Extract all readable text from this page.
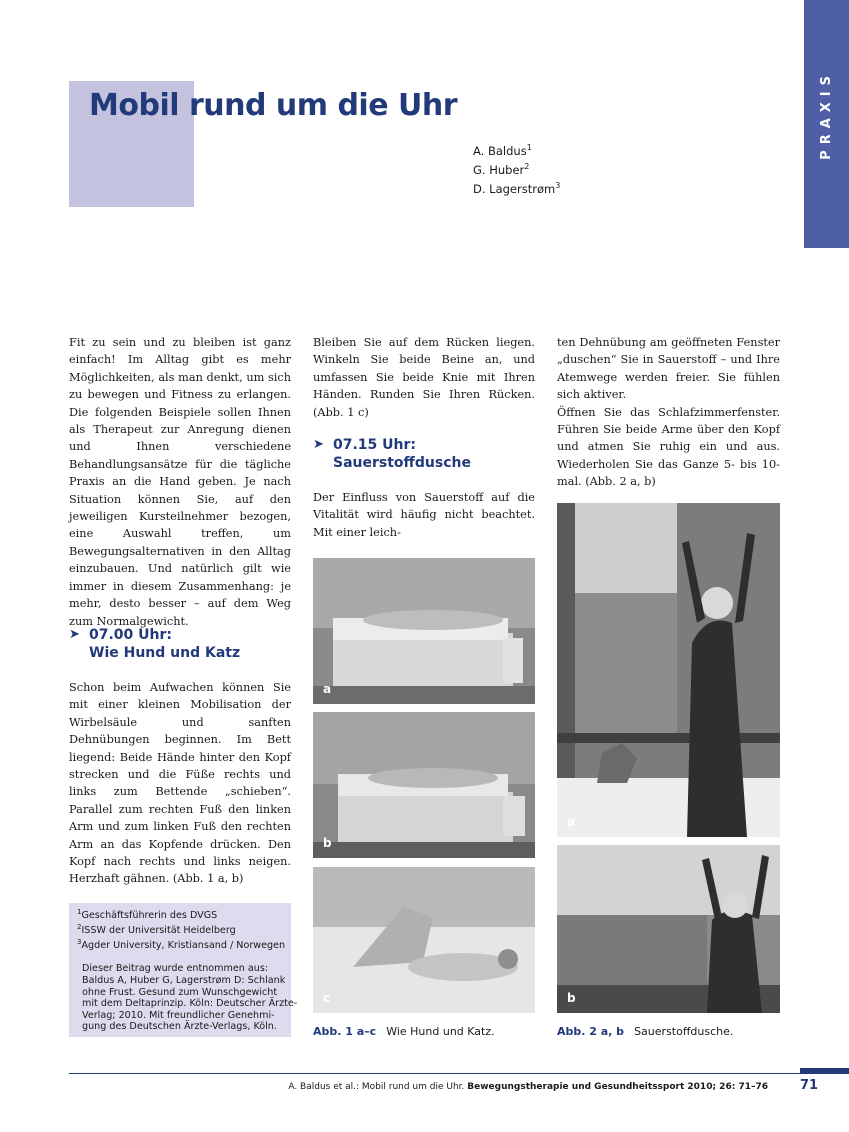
PRAXIS
Mobil rund um die Uhr
A. Baldus$^1$
G. Huber$^2$
D. Lagerstrøm$^3$

Fit zu sein und zu bleiben ist ganz einfach! Im Alltag gibt es mehr Möglichkeiten, als man denkt, um sich zu bewegen und Fitness zu erlangen. Die folgenden Beispiele sollen Ihnen als Therapeut zur Anregung dienen und Ihnen verschiedene Behandlungsansätze für die tägliche Praxis an die Hand geben. Je nach Situation können Sie, auf den jeweiligen Kursteilnehmer bezogen, eine Auswahl treffen, um Bewegungsalternativen in den Alltag einzubauen. Und natürlich gilt wie immer in diesem Zusammenhang: je mehr, desto besser – auf dem Weg zum Normalgewicht.

➤ 07.00 Uhr:
Wie Hund und Katz

Schon beim Aufwachen können Sie mit einer kleinen Mobilisation der Wirbelsäule und sanften Dehnübungen beginnen. Im Bett liegend: Beide Hände hinter den Kopf strecken und die Füße rechts und links zum Bettende „schieben“. Parallel zum rechten Fuß den linken Arm und zum linken Fuß den rechten Arm an das Kopfende drücken. Den Kopf nach rechts und links neigen. Herzhaft gähnen. (Abb. 1 a, b)

$^1$Geschäftsführerin des DVGS
$^2$ISSW der Universität Heidelberg
$^3$Agder University, Kristiansand / Norwegen
Dieser Beitrag wurde entnommen aus:
Baldus A, Huber G, Lagerstrøm D: Schlank
ohne Frust. Gesund zum Wunschgewicht
mit dem Deltaprinzip. Köln: Deutscher Ärzte-
Verlag; 2010. Mit freundlicher Genehmi-
gung des Deutschen Ärzte-Verlags, Köln.

Bleiben Sie auf dem Rücken liegen. Winkeln Sie beide Beine an, und umfassen Sie beide Knie mit Ihren Händen. Runden Sie Ihren Rücken. (Abb. 1 c)

➤ 07.15 Uhr:
Sauerstoffdusche

Der Einfluss von Sauerstoff auf die Vitalität wird häufig nicht beachtet. Mit einer leich-

a
b
c
Abb. 1 a–c Wie Hund und Katz.

ten Dehnübung am geöffneten Fenster „duschen“ Sie in Sauerstoff – und Ihre Atemwege werden freier. Sie fühlen sich aktiver.

Öffnen Sie das Schlafzimmerfenster. Führen Sie beide Arme über den Kopf und atmen Sie ruhig ein und aus. Wiederholen Sie das Ganze 5- bis 10-mal. (Abb. 2 a, b)

a
b
Abb. 2 a, b Sauerstoffdusche.
A. Baldus et al.: Mobil rund um die Uhr. Bewegungstherapie und Gesundheitssport 2010; 26: 71–76 71
